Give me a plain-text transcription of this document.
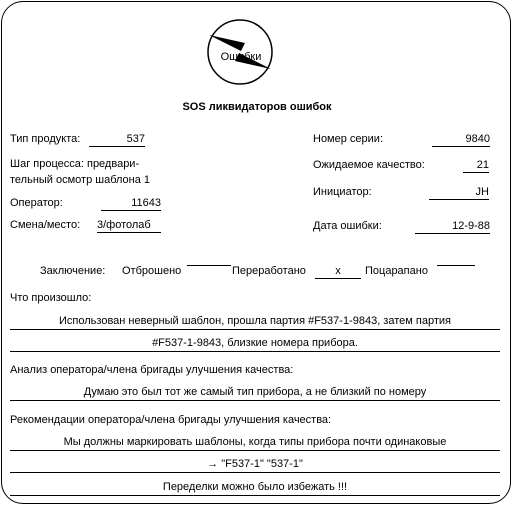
Ошибки
SOS ликвидаторов ошибок
Тип продукта:	537
Шаг процесса: предвари-
тельный осмотр шаблона 1
Оператор:	11643
Смена/место: 3/фотолаб
Номер серии:	9840
Ожидаемое качество:	21
Инициатор:	JH
Дата ошибки:	12-9-88
Заключение: Отброшено	Переработано	x	Поцарапано
Что произошло:
Использован неверный шаблон, прошла партия #F537-1-9843, затем партия
#F537-1-9843, близкие номера прибора.
Анализ оператора/члена бригады улучшения качества:
Думаю это был тот же самый тип прибора, а не близкий по номеру
Рекомендации оператора/члена бригады улучшения качества:
Мы должны маркировать шаблоны, когда типы прибора почти одинаковые
→ "F537-1" "537-1"
Переделки можно было избежать !!!
